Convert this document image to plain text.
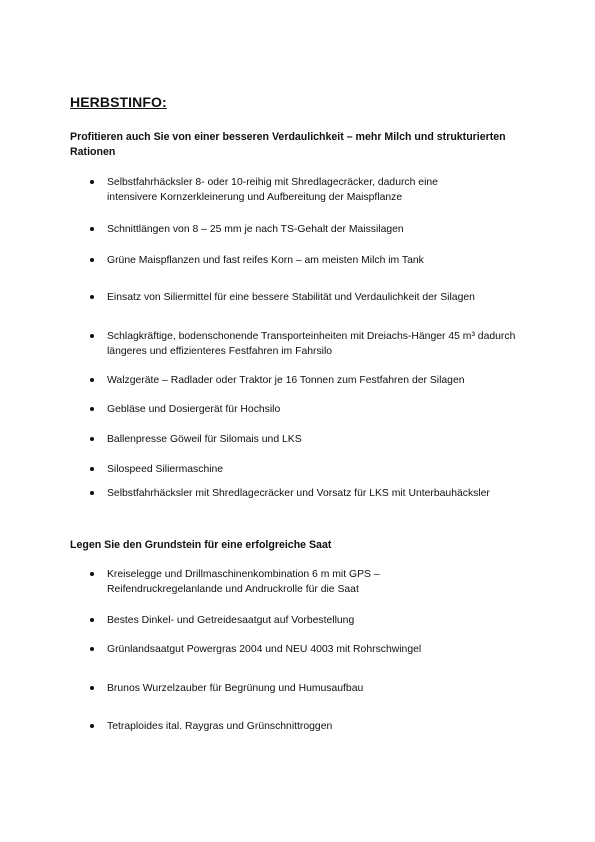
HERBSTINFO:

Profitieren auch Sie von einer besseren Verdaulichkeit – mehr Milch und strukturierten Rationen

Selbstfahrhäcksler 8- oder 10-reihig mit Shredlagecräcker, dadurch eine intensivere Kornzerkleinerung und Aufbereitung der Maispflanze
Schnittlängen von 8 – 25 mm je nach TS-Gehalt der Maissilagen
Grüne Maispflanzen und fast reifes Korn – am meisten Milch im Tank
Einsatz von Siliermittel für eine bessere Stabilität und Verdaulichkeit der Silagen
Schlagkräftige, bodenschonende Transporteinheiten mit Dreiachs-Hänger 45 m³ dadurch längeres und effizienteres Festfahren im Fahrsilo
Walzgeräte – Radlader oder Traktor je 16 Tonnen zum Festfahren der Silagen
Gebläse und Dosiergerät für Hochsilo
Ballenpresse Göweil für Silomais und LKS
Silospeed Siliermaschine
Selbstfahrhäcksler mit Shredlagecräcker und Vorsatz für LKS mit Unterbauhäcksler

Legen Sie den Grundstein für eine erfolgreiche Saat

Kreiselegge und Drillmaschinenkombination 6 m mit GPS – Reifendruckregelanlande und Andruckrolle für die Saat
Bestes Dinkel- und Getreidesaatgut auf Vorbestellung
Grünlandsaatgut Powergras 2004 und NEU 4003 mit Rohrschwingel
Brunos Wurzelzauber für Begrünung und Humusaufbau
Tetraploides ital. Raygras und Grünschnittroggen
